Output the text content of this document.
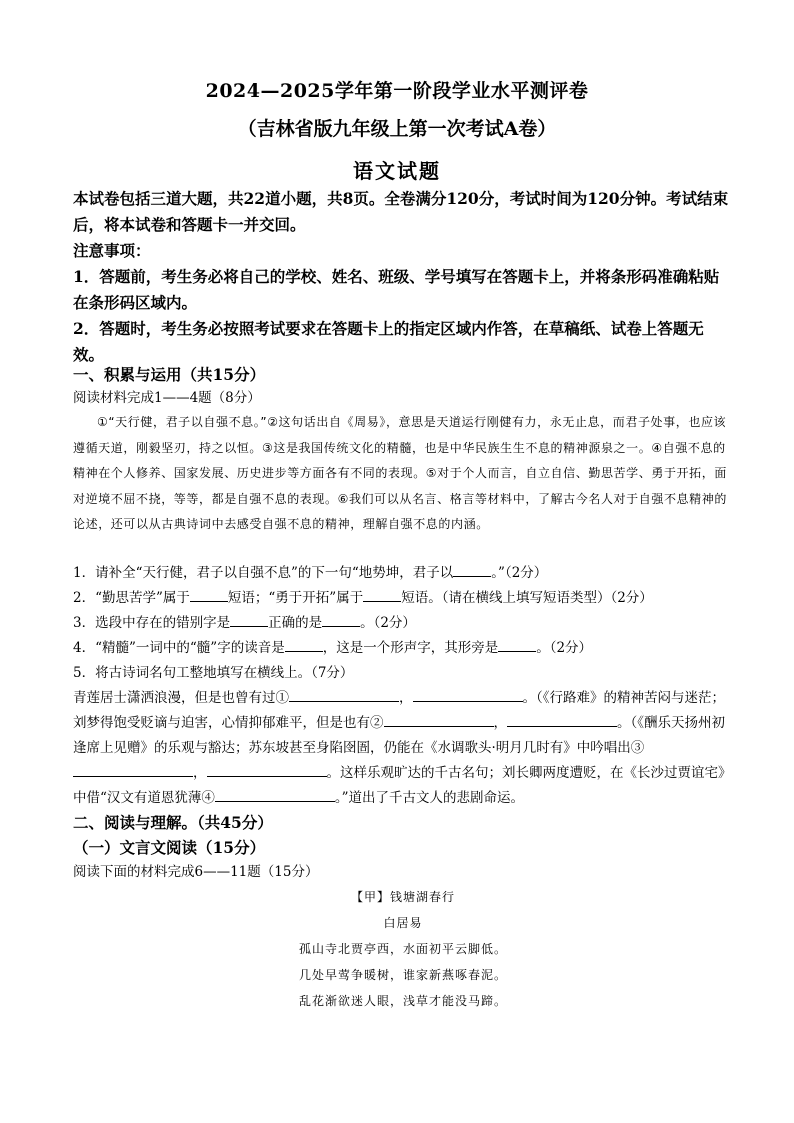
2024—2025学年第一阶段学业水平测评卷
（吉林省版九年级上第一次考试A卷）
语文试题

本试卷包括三道大题，共22道小题，共8页。全卷满分120分，考试时间为120分钟。考试结束后，将本试卷和答题卡一并交回。

注意事项：

1．答题前，考生务必将自己的学校、姓名、班级、学号填写在答题卡上，并将条形码准确粘贴在条形码区域内。

2．答题时，考生务必按照考试要求在答题卡上的指定区域内作答，在草稿纸、试卷上答题无效。

一、积累与运用（共15分）
阅读材料完成1——4题（8分）
①“天行健，君子以自强不息。”②这句话出自《周易》，意思是天道运行刚健有力，永无止息，而君子处事，也应该遵循天道，刚毅坚刃，持之以恒。③这是我国传统文化的精髓，也是中华民族生生不息的精神源泉之一。④自强不息的精神在个人修养、国家发展、历史进步等方面各有不同的表现。⑤对于个人而言，自立自信、勤思苦学、勇于开拓，面对逆境不屈不挠，等等，都是自强不息的表现。⑥我们可以从名言、格言等材料中，了解古今名人对于自强不息精神的论述，还可以从古典诗词中去感受自强不息的精神，理解自强不息的内涵。
1．请补全“天行健，君子以自强不息”的下一句“地势坤，君子以	。”（2分）
2．“勤思苦学”属于	短语；“勇于开拓”属于	短语。（请在横线上填写短语类型）（2分）
3．选段中存在的错别字是	正确的是	。（2分）
4．“精髓”一词中的“髓”字的读音是	，这是一个形声字，其形旁是	。（2分）
5．将古诗词名句工整地填写在横线上。（7分）
青莲居士潇洒浪漫，但是也曾有过①	，	。（《行路难》的精神苦闷与迷茫；刘梦得饱受贬谪与迫害，心情抑郁难平，但是也有②	，	。（《酬乐天扬州初逢席上见赠》的乐观与豁达；苏东坡甚至身陷囹圄，仍能在《水调歌头·明月几时有》中吟唱出③，	。这样乐观旷达的千古名句；刘长卿两度遭贬，在《长沙过贾谊宅》中借“汉文有道恩犹薄④	。”道出了千古文人的悲剧命运。
二、阅读与理解。（共45分）
（一）文言文阅读（15分）
阅读下面的材料完成6——11题（15分）
【甲】钱塘湖春行
白居易
孤山寺北贾亭西，水面初平云脚低。
几处早莺争暖树，谁家新燕啄春泥。
乱花渐欲迷人眼，浅草才能没马蹄。
